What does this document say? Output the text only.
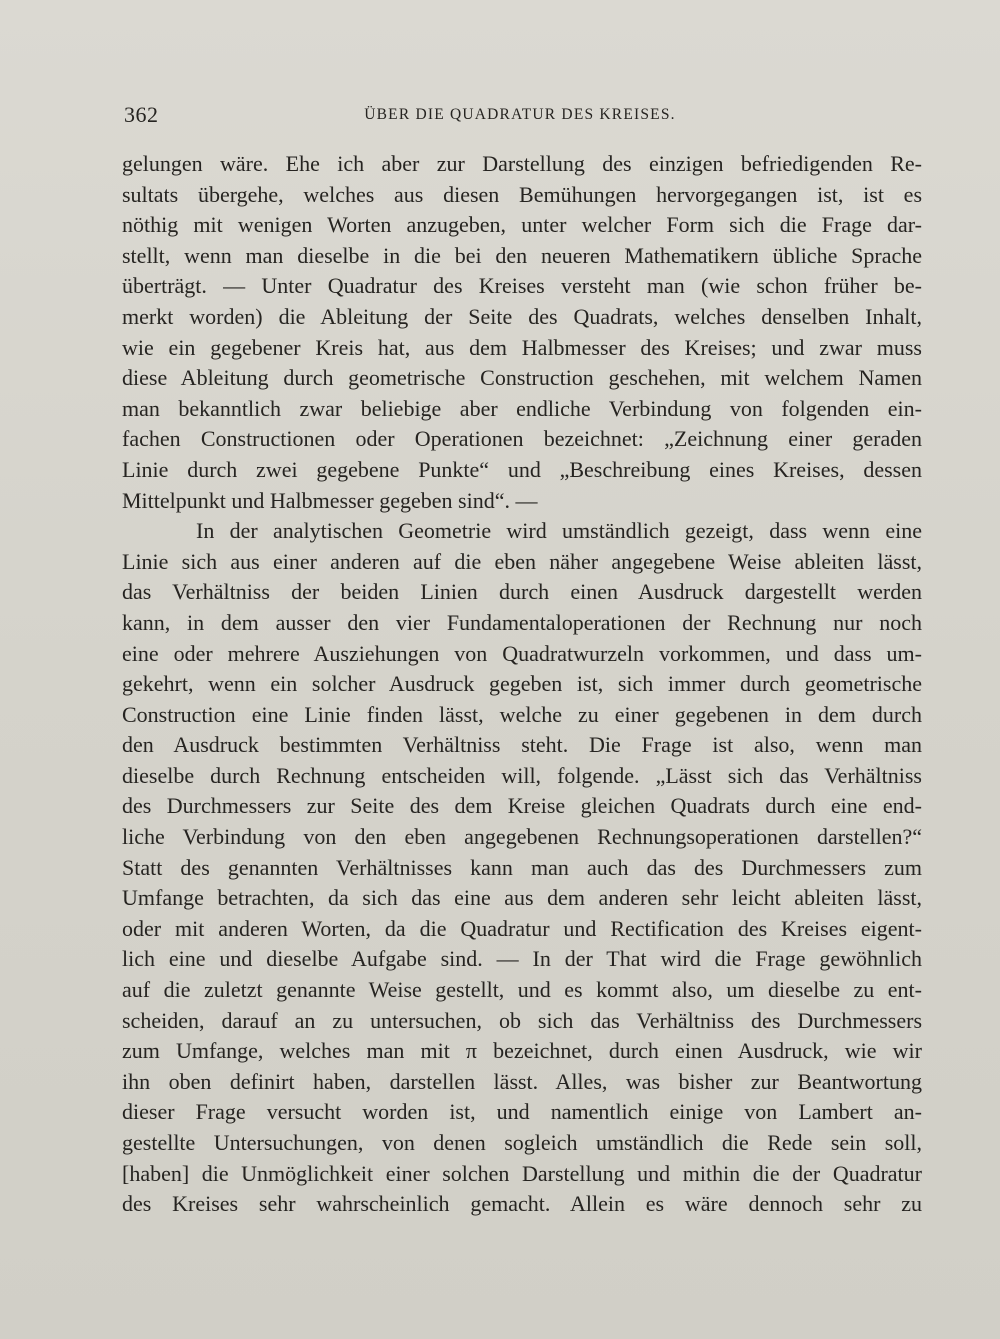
362	ÜBER DIE QUADRATUR DES KREISES.
gelungen wäre. Ehe ich aber zur Darstellung des einzigen befriedigenden Re-
sultats übergehe, welches aus diesen Bemühungen hervorgegangen ist, ist es
nöthig mit wenigen Worten anzugeben, unter welcher Form sich die Frage dar-
stellt, wenn man dieselbe in die bei den neueren Mathematikern übliche Sprache
überträgt. — Unter Quadratur des Kreises versteht man (wie schon früher be-
merkt worden) die Ableitung der Seite des Quadrats, welches denselben Inhalt,
wie ein gegebener Kreis hat, aus dem Halbmesser des Kreises; und zwar muss
diese Ableitung durch geometrische Construction geschehen, mit welchem Namen
man bekanntlich zwar beliebige aber endliche Verbindung von folgenden ein-
fachen Constructionen oder Operationen bezeichnet: „Zeichnung einer geraden
Linie durch zwei gegebene Punkte“ und „Beschreibung eines Kreises, dessen
Mittelpunkt und Halbmesser gegeben sind“. —
In der analytischen Geometrie wird umständlich gezeigt, dass wenn eine
Linie sich aus einer anderen auf die eben näher angegebene Weise ableiten lässt,
das Verhältniss der beiden Linien durch einen Ausdruck dargestellt werden
kann, in dem ausser den vier Fundamentaloperationen der Rechnung nur noch
eine oder mehrere Ausziehungen von Quadratwurzeln vorkommen, und dass um-
gekehrt, wenn ein solcher Ausdruck gegeben ist, sich immer durch geometrische
Construction eine Linie finden lässt, welche zu einer gegebenen in dem durch
den Ausdruck bestimmten Verhältniss steht. Die Frage ist also, wenn man
dieselbe durch Rechnung entscheiden will, folgende. „Lässt sich das Verhältniss
des Durchmessers zur Seite des dem Kreise gleichen Quadrats durch eine end-
liche Verbindung von den eben angegebenen Rechnungsoperationen darstellen?“
Statt des genannten Verhältnisses kann man auch das des Durchmessers zum
Umfange betrachten, da sich das eine aus dem anderen sehr leicht ableiten lässt,
oder mit anderen Worten, da die Quadratur und Rectification des Kreises eigent-
lich eine und dieselbe Aufgabe sind. — In der That wird die Frage gewöhnlich
auf die zuletzt genannte Weise gestellt, und es kommt also, um dieselbe zu ent-
scheiden, darauf an zu untersuchen, ob sich das Verhältniss des Durchmessers
zum Umfange, welches man mit π bezeichnet, durch einen Ausdruck, wie wir
ihn oben definirt haben, darstellen lässt. Alles, was bisher zur Beantwortung
dieser Frage versucht worden ist, und namentlich einige von Lambert an-
gestellte Untersuchungen, von denen sogleich umständlich die Rede sein soll,
[haben] die Unmöglichkeit einer solchen Darstellung und mithin die der Quadratur
des Kreises sehr wahrscheinlich gemacht. Allein es wäre dennoch sehr zu
